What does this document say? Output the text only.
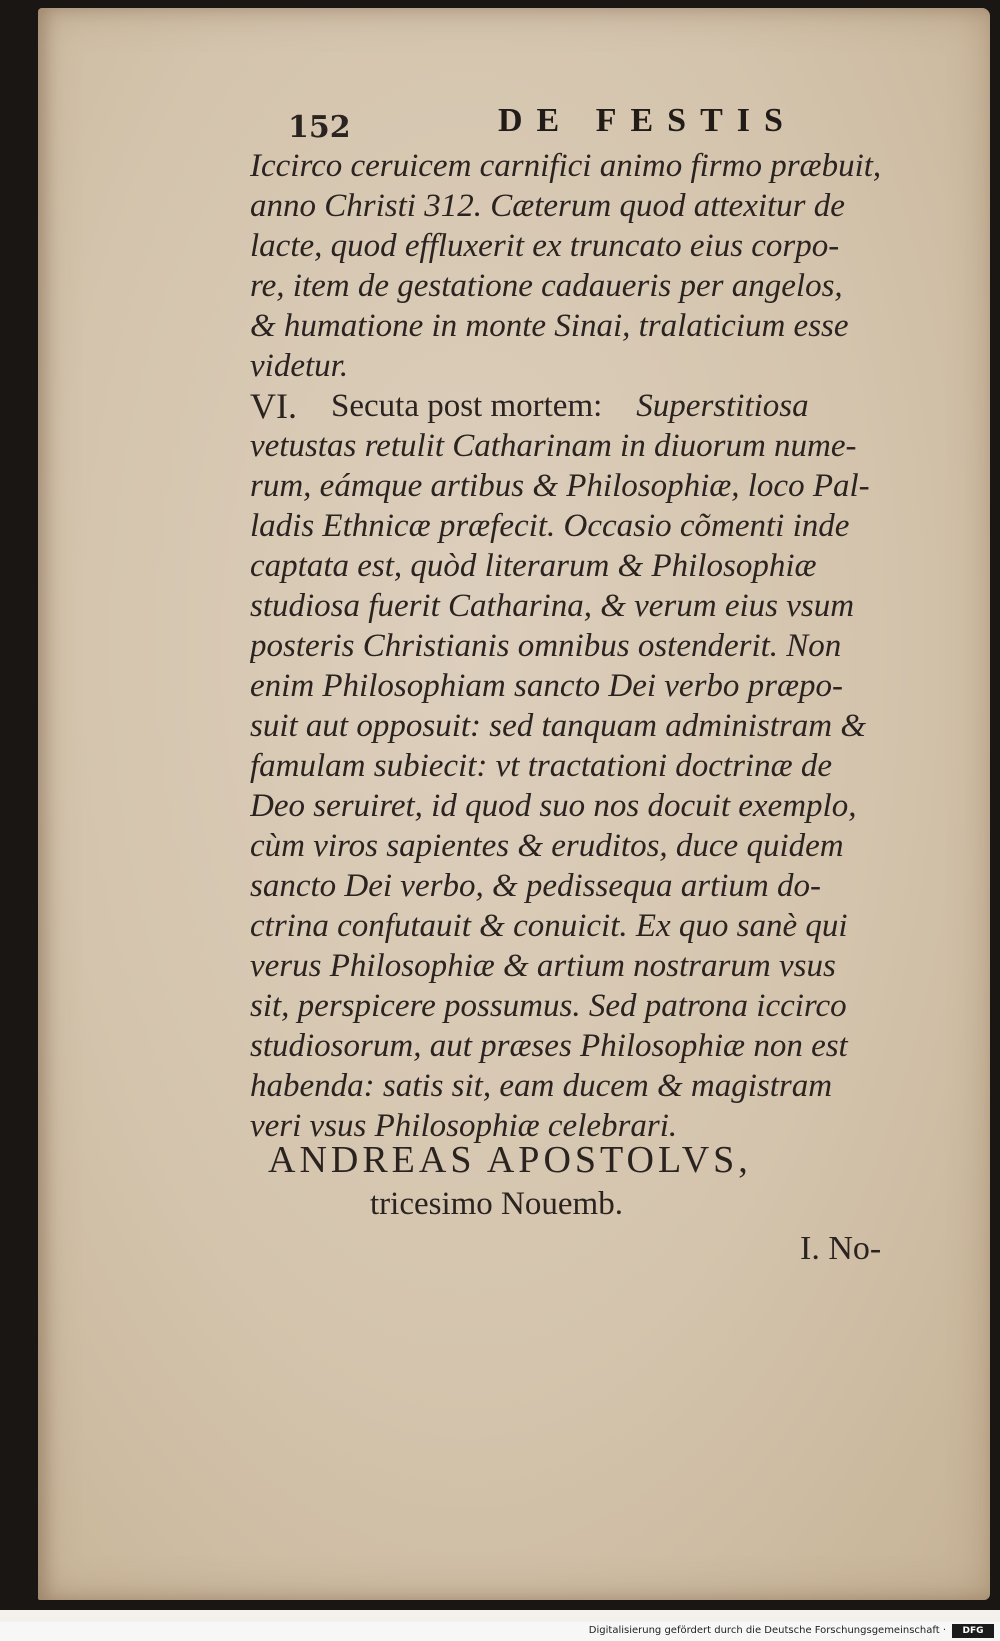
152	DE FESTIS
Iccirco ceruicem carnifici animo firmo præbuit,
anno Christi 312. Cæterum quod attexitur de
lacte, quod effluxerit ex truncato eius corpo-
re, item de gestatione cadaueris per angelos,
& humatione in monte Sinai, tralaticium esse
videtur.
VI. Secuta post mortem: Superstitiosa
vetustas retulit Catharinam in diuorum nume-
rum, eámque artibus & Philosophiæ, loco Pal-
ladis Ethnicæ præfecit. Occasio cõmenti inde
captata est, quòd literarum & Philosophiæ
studiosa fuerit Catharina, & verum eius vsum
posteris Christianis omnibus ostenderit. Non
enim Philosophiam sancto Dei verbo præpo-
suit aut opposuit: sed tanquam administram &
famulam subiecit: vt tractationi doctrinæ de
Deo seruiret, id quod suo nos docuit exemplo,
cùm viros sapientes & eruditos, duce quidem
sancto Dei verbo, & pedissequa artium do-
ctrina confutauit & conuicit. Ex quo sanè qui
verus Philosophiæ & artium nostrarum vsus
sit, perspicere possumus. Sed patrona iccirco
studiosorum, aut præses Philosophiæ non est
habenda: satis sit, eam ducem & magistram
veri vsus Philosophiæ celebrari.
ANDREAS APOSTOLVS,
tricesimo Nouemb.
I. No-
Digitalisierung gefördert durch die Deutsche Forschungsgemeinschaft ·	DFG
